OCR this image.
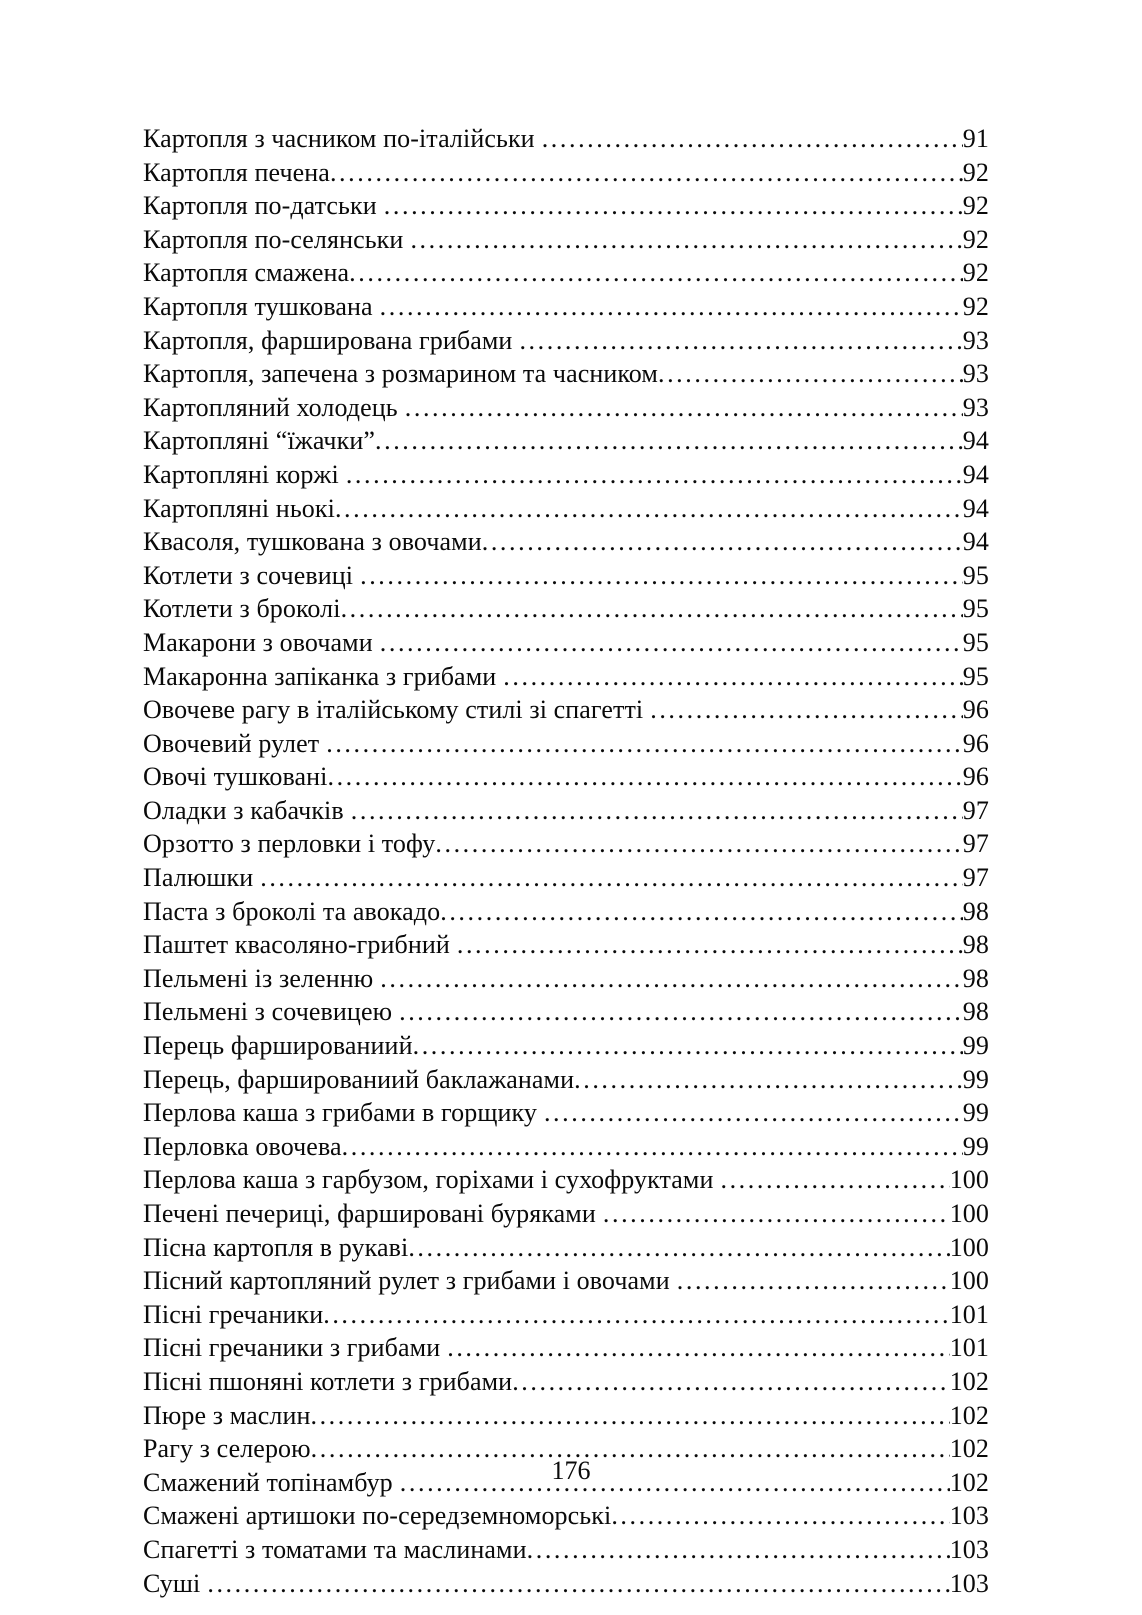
Картопля з часником по-італійськи .....	91
Картопля печена .....	92
Картопля по-датськи .....	92
Картопля по-селянськи .....	92
Картопля смажена .....	92
Картопля тушкована .....	92
Картопля, фарширована грибами .....	93
Картопля, запечена з розмарином та часником .....	93
Картопляний холодець .....	93
Картопляні “їжачки” .....	94
Картопляні коржі .....	94
Картопляні ньокі .....	94
Квасоля, тушкована з овочами .....	94
Котлети з сочевиці .....	95
Котлети з броколі .....	95
Макарони з овочами .....	95
Макаронна запіканка з грибами .....	95
Овочеве рагу в італійському стилі зі спагетті .....	96
Овочевий рулет .....	96
Овочі тушковані .....	96
Оладки з кабачків .....	97
Орзотто з перловки і тофу .....	97
Палюшки .....	97
Паста з броколі та авокадо .....	98
Паштет квасоляно-грибний .....	98
Пельмені із зеленню .....	98
Пельмені з сочевицею .....	98
Перець фаршированиий .....	99
Перець, фаршированиий баклажанами .....	99
Перлова каша з грибами в горщику .....	99
Перловка овочева .....	99
Перлова каша з гарбузом, горіхами і сухофруктами .....	100
Печені печериці, фаршировані буряками .....	100
Пісна картопля в рукаві .....	100
Пісний картопляний рулет з грибами і овочами .....	100
Пісні гречаники .....	101
Пісні гречаники з грибами .....	101
Пісні пшоняні котлети з грибами .....	102
Пюре з маслин .....	102
Рагу з селерою .....	102
Смажений топінамбур .....	102
Смажені артишоки по-середземноморські .....	103
Спагетті з томатами та маслинами .....	103
Суші .....	103
176
